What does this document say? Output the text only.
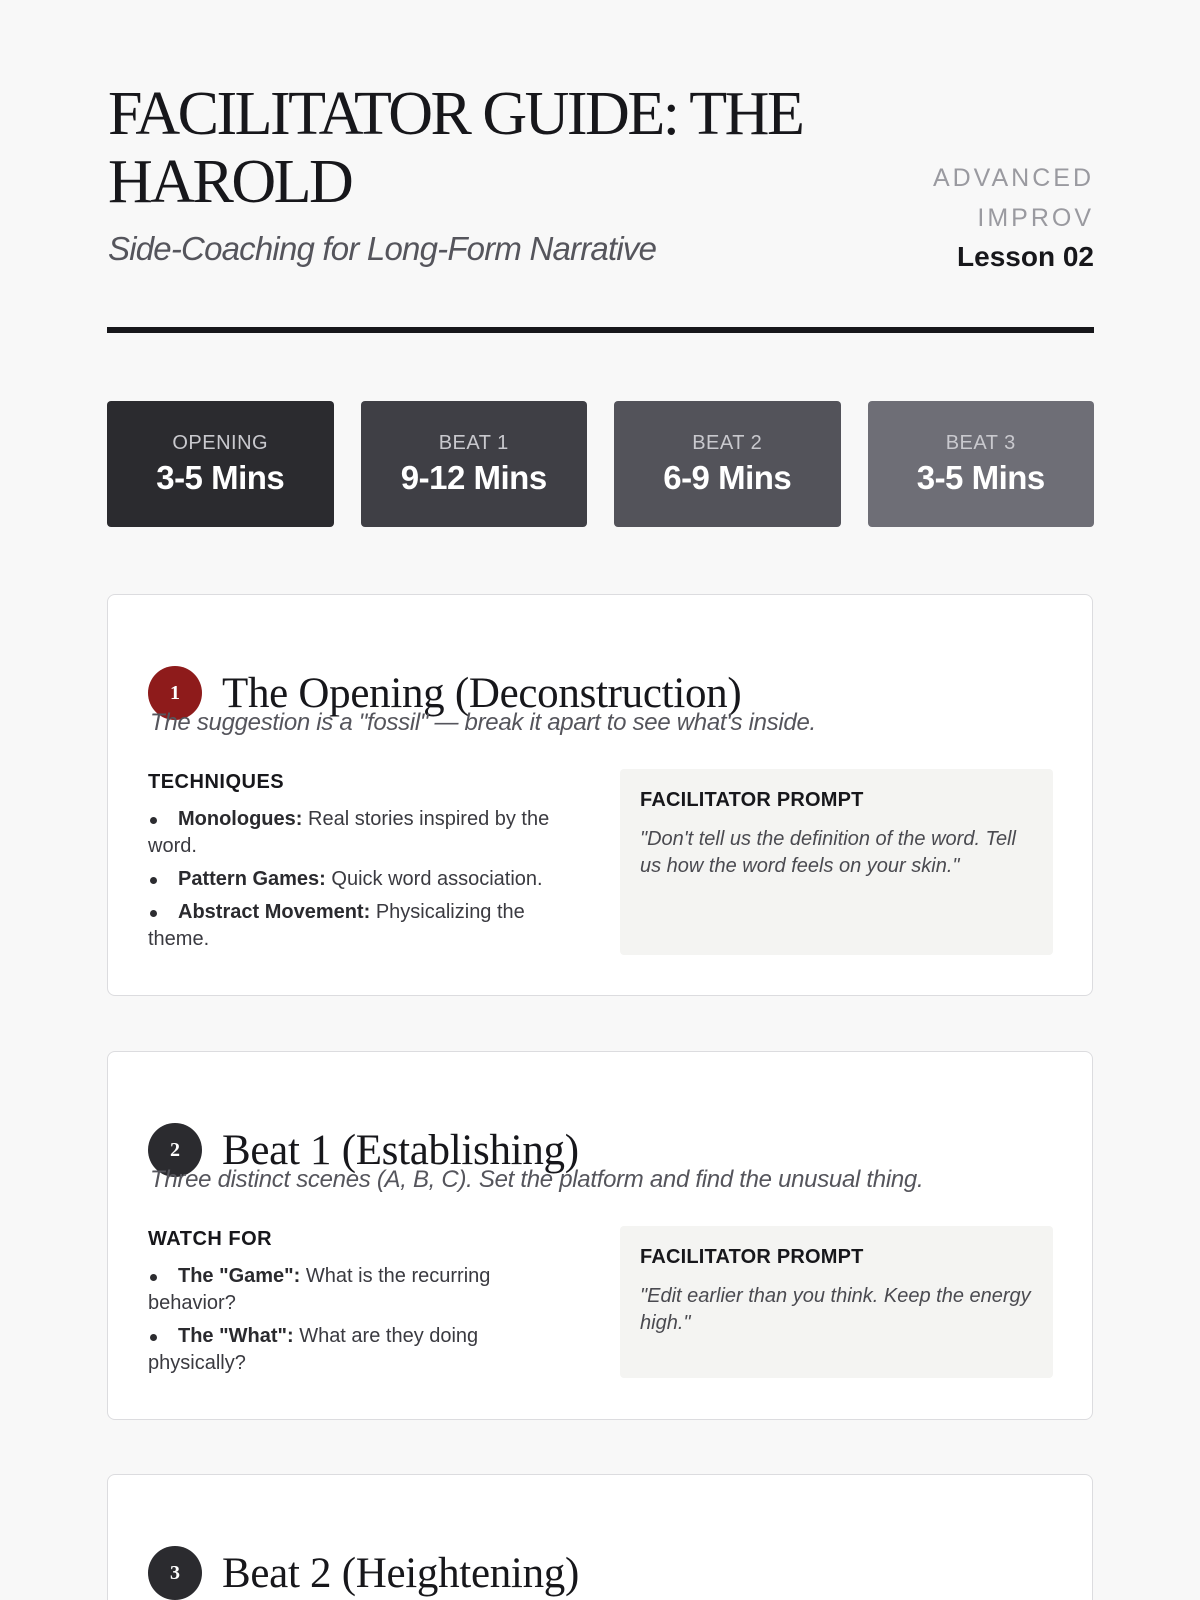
FACILITATOR GUIDE: THE HAROLD
Side-Coaching for Long-Form Narrative
ADVANCED IMPROV
Lesson 02
OPENING
3-5 Mins
BEAT 1
9-12 Mins
BEAT 2
6-9 Mins
BEAT 3
3-5 Mins
1 The Opening (Deconstruction)
The suggestion is a "fossil" — break it apart to see what's inside.
TECHNIQUES
Monologues: Real stories inspired by the word.
Pattern Games: Quick word association.
Abstract Movement: Physicalizing the theme.
FACILITATOR PROMPT
"Don't tell us the definition of the word. Tell us how the word feels on your skin."
2 Beat 1 (Establishing)
Three distinct scenes (A, B, C). Set the platform and find the unusual thing.
WATCH FOR
The "Game": What is the recurring behavior?
The "What": What are they doing physically?
FACILITATOR PROMPT
"Edit earlier than you think. Keep the energy high."
3 Beat 2 (Heightening)
